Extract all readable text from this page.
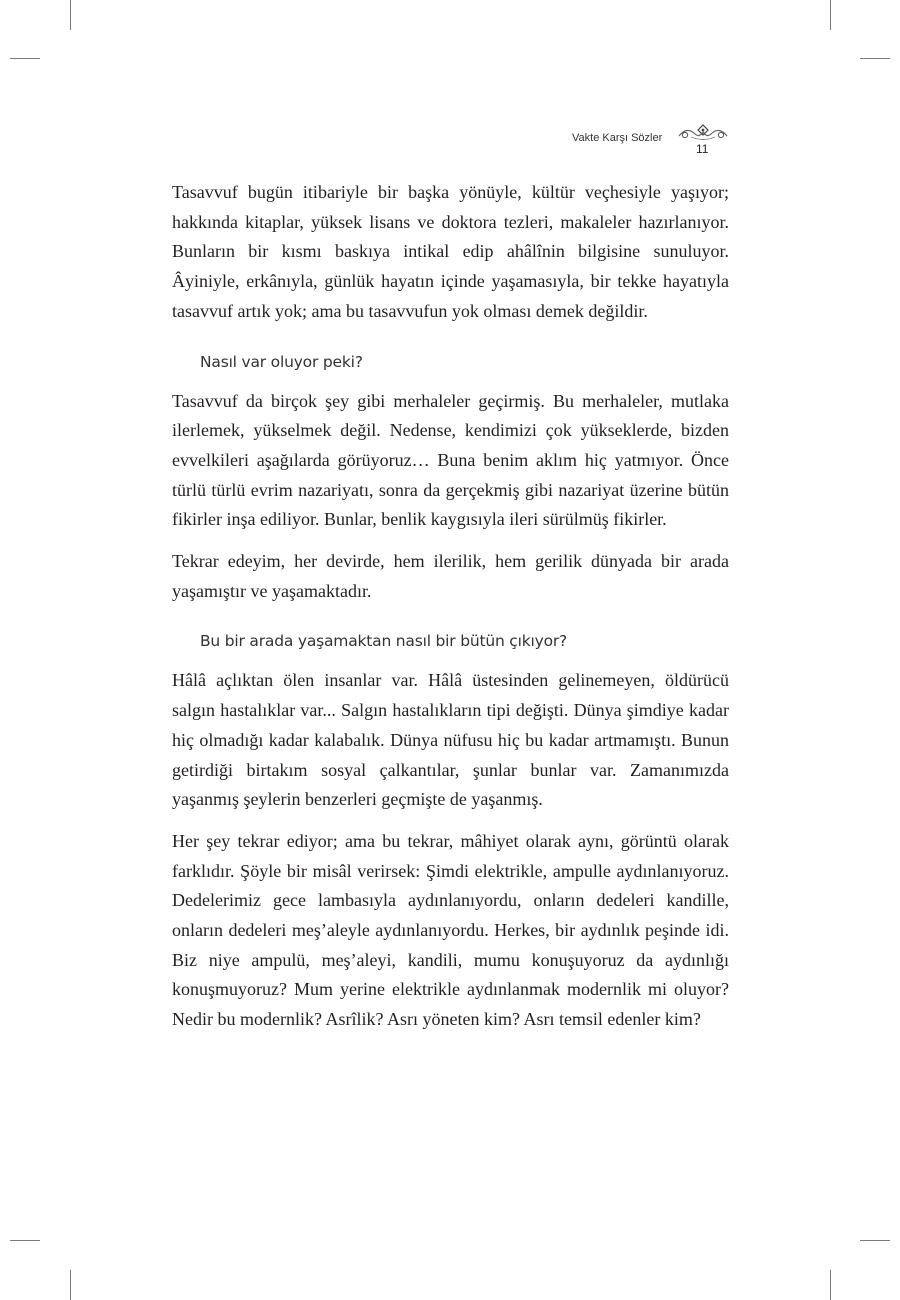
Vakte Karşı Sözler
11

Tasavvuf bugün itibariyle bir başka yönüyle, kültür veçhesiyle yaşıyor; hakkında kitaplar, yüksek lisans ve doktora tezleri, makaleler hazırlanıyor. Bunların bir kısmı baskıya intikal edip ahâlînin bilgisine sunuluyor. Âyiniyle, erkânıyla, günlük hayatın içinde yaşamasıyla, bir tekke hayatıyla tasavvuf artık yok; ama bu tasavvufun yok olması demek değildir.

Nasıl var oluyor peki?

Tasavvuf da birçok şey gibi merhaleler geçirmiş. Bu merhaleler, mutlaka ilerlemek, yükselmek değil. Nedense, kendimizi çok yükseklerde, bizden evvelkileri aşağılarda görüyoruz… Buna benim aklım hiç yatmıyor. Önce türlü türlü evrim nazariyatı, sonra da gerçekmiş gibi nazariyat üzerine bütün fikirler inşa ediliyor. Bunlar, benlik kaygısıyla ileri sürülmüş fikirler.

Tekrar edeyim, her devirde, hem ilerilik, hem gerilik dünyada bir arada yaşamıştır ve yaşamaktadır.

Bu bir arada yaşamaktan nasıl bir bütün çıkıyor?

Hâlâ açlıktan ölen insanlar var. Hâlâ üstesinden gelinemeyen, öldürücü salgın hastalıklar var... Salgın hastalıkların tipi değişti. Dünya şimdiye kadar hiç olmadığı kadar kalabalık. Dünya nüfusu hiç bu kadar artmamıştı. Bunun getirdiği birtakım sosyal çalkantılar, şunlar bunlar var. Zamanımızda yaşanmış şeylerin benzerleri geçmişte de yaşanmış.

Her şey tekrar ediyor; ama bu tekrar, mâhiyet olarak aynı, görüntü olarak farklıdır. Şöyle bir misâl verirsek: Şimdi elektrikle, ampulle aydınlanıyoruz. Dedelerimiz gece lambasıyla aydınlanıyordu, onların dedeleri kandille, onların dedeleri meş’aleyle aydınlanıyordu. Herkes, bir aydınlık peşinde idi. Biz niye ampulü, meş’aleyi, kandili, mumu konuşuyoruz da aydınlığı konuşmuyoruz? Mum yerine elektrikle aydınlanmak modernlik mi oluyor? Nedir bu modernlik? Asrîlik? Asrı yöneten kim? Asrı temsil edenler kim?
